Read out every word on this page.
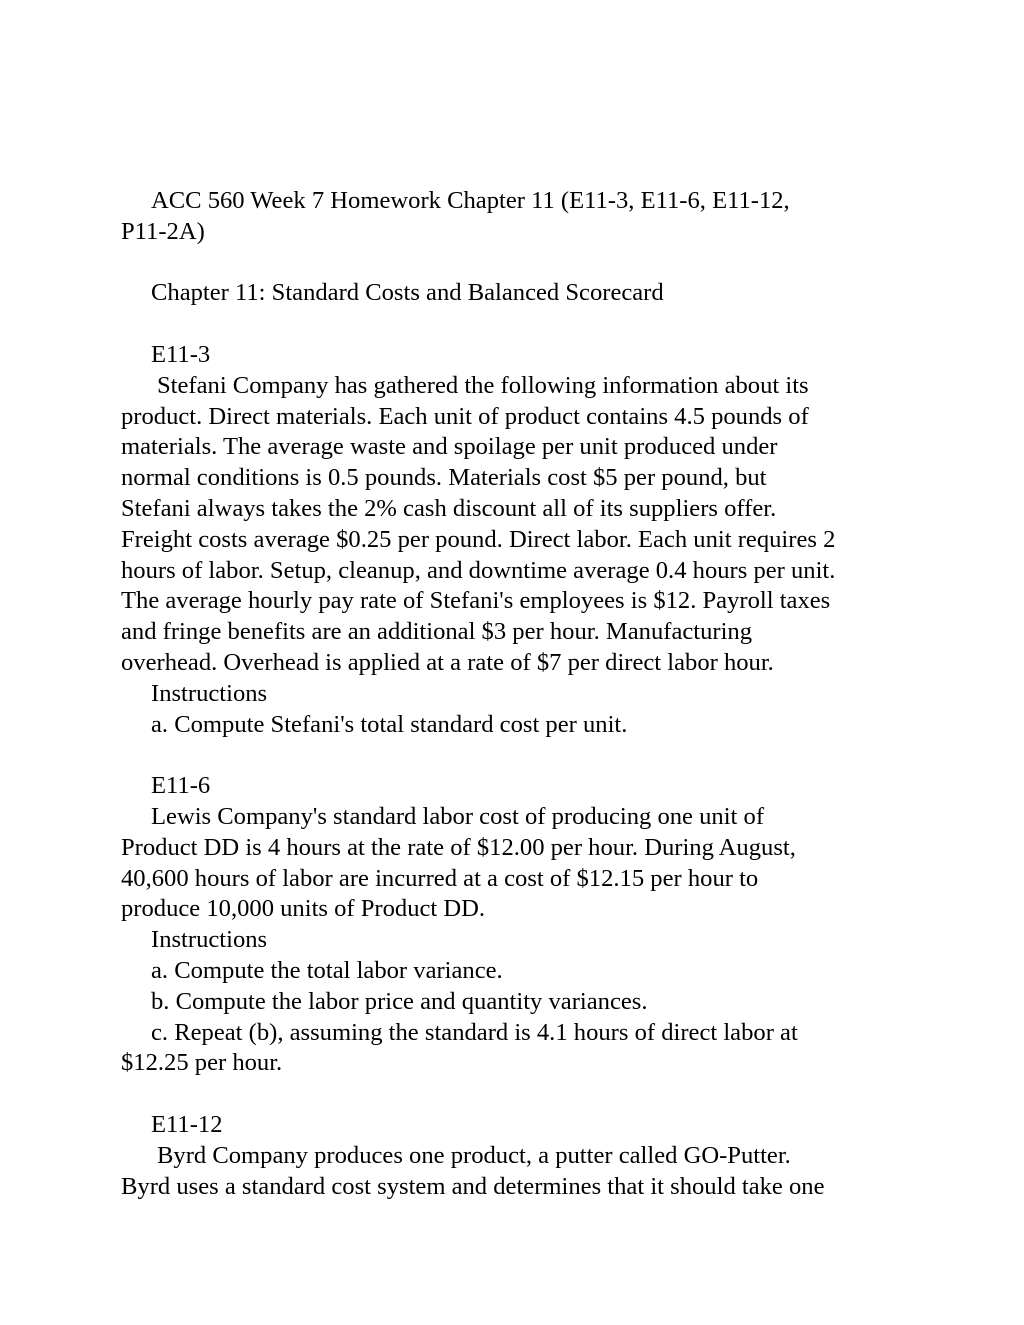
ACC 560 Week 7 Homework Chapter 11 (E11-3, E11-6, E11-12,
P11-2A)
Chapter 11: Standard Costs and Balanced Scorecard
E11-3
Stefani Company has gathered the following information about its
product. Direct materials. Each unit of product contains 4.5 pounds of
materials. The average waste and spoilage per unit produced under
normal conditions is 0.5 pounds. Materials cost $5 per pound, but
Stefani always takes the 2% cash discount all of its suppliers offer.
Freight costs average $0.25 per pound. Direct labor. Each unit requires 2
hours of labor. Setup, cleanup, and downtime average 0.4 hours per unit.
The average hourly pay rate of Stefani's employees is $12. Payroll taxes
and fringe benefits are an additional $3 per hour. Manufacturing
overhead. Overhead is applied at a rate of $7 per direct labor hour.
Instructions
a. Compute Stefani's total standard cost per unit.
E11-6
Lewis Company's standard labor cost of producing one unit of
Product DD is 4 hours at the rate of $12.00 per hour. During August,
40,600 hours of labor are incurred at a cost of $12.15 per hour to
produce 10,000 units of Product DD.
Instructions
a. Compute the total labor variance.
b. Compute the labor price and quantity variances.
c. Repeat (b), assuming the standard is 4.1 hours of direct labor at
$12.25 per hour.
E11-12
Byrd Company produces one product, a putter called GO-Putter.
Byrd uses a standard cost system and determines that it should take one
